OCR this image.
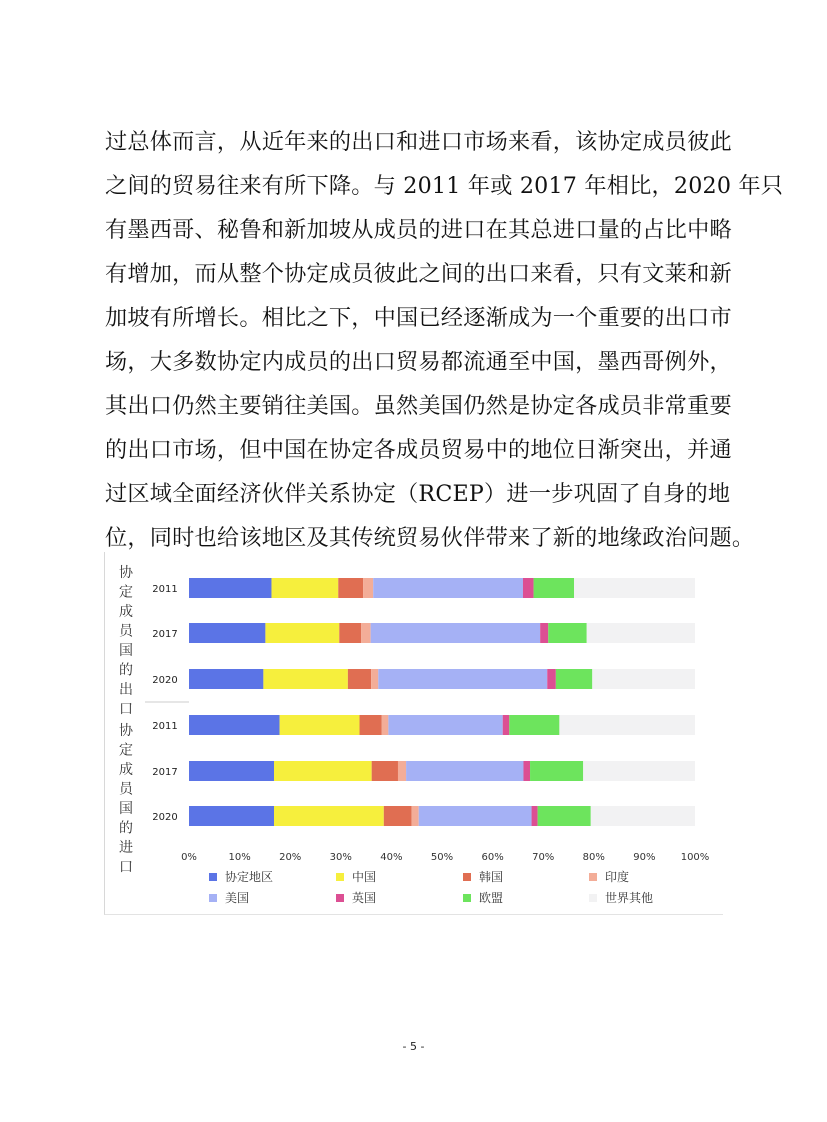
过总体而言，从近年来的出口和进口市场来看，该协定成员彼此
之间的贸易往来有所下降。与 2011 年或 2017 年相比，2020 年只
有墨西哥、秘鲁和新加坡从成员的进口在其总进口量的占比中略
有增加，而从整个协定成员彼此之间的出口来看，只有文莱和新
加坡有所增长。相比之下，中国已经逐渐成为一个重要的出口市
场，大多数协定内成员的出口贸易都流通至中国，墨西哥例外，
其出口仍然主要销往美国。虽然美国仍然是协定各成员非常重要
的出口市场，但中国在协定各成员贸易中的地位日渐突出，并通
过区域全面经济伙伴关系协定（RCEP）进一步巩固了自身的地
位，同时也给该地区及其传统贸易伙伴带来了新的地缘政治问题。
协
定
成
员
国
的
出
口
协
定
成
员
国
的
进
口
2011
2017
2020
2011
2017
2020
0%	10%	20%	30%	40%	50%	60%	70%	80%	90%	100%
协定地区	中国	韩国	印度
美国	英国	欧盟	世界其他
- 5 -
